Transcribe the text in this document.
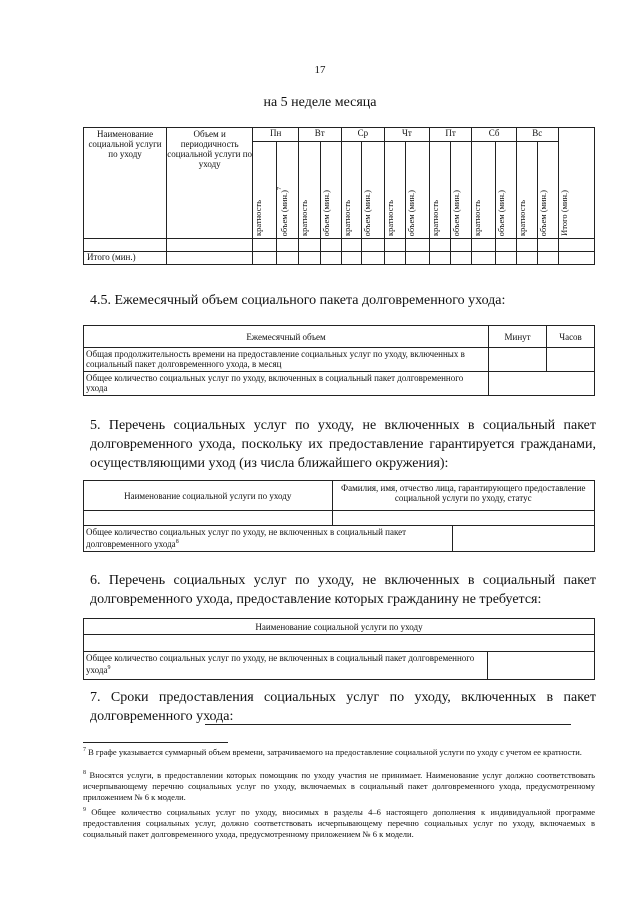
17
на 5 неделе месяца
Наименование социальной услуги по уходу	Объем и периодичность социальной услуги по уходу	Пн		Вт		Ср		Чт		Пт		Сб		Вс		Итого (мин.)

		кратность	объем $(мин.)^7$	кратность	объем (мин.)	кратность	объем (мин.)	кратность	объем (мин.)	кратность	объем (мин.)	кратность	объем (мин.)	кратность	объем (мин.)	

Итого (мин.)																
4.5. Ежемесячный объем социального пакета долговременного ухода:
Ежемесячный объем	Минут	Часов
Общая продолжительность времени на предоставление социальных услуг по уходу, включенных в социальный пакет долговременного ухода, в месяц		
Общее количество социальных услуг по уходу, включенных в социальный пакет долговременного ухода		
5. Перечень социальных услуг по уходу, не включенных в социальный пакет долговременного ухода, поскольку их предоставление гарантируется гражданами, осуществляющими уход (из числа ближайшего окружения):
Наименование социальной услуги по уходу	Фамилия, имя, отчество лица, гарантирующего предоставление социальной услуги по уходу, статус	

Общее количество социальных услуг по уходу, не включенных в социальный пакет долговременного ухода$^8$	
6. Перечень социальных услуг по уходу, не включенных в социальный пакет долговременного ухода, предоставление которых гражданину не требуется:
Наименование социальной услуги по уходу

Общее количество социальных услуг по уходу, не включенных в социальный пакет долговременного ухода$^9$	
7. Сроки предоставления социальных услуг по уходу, включенных в пакет долговременного ухода:
$^7$ В графе указывается суммарный объем времени, затрачиваемого на предоставление социальной услуги по уходу с учетом ее кратности.
$^8$ Вносятся услуги, в предоставлении которых помощник по уходу участия не принимает. Наименование услуг должно соответствовать исчерпывающему перечню социальных услуг по уходу, включаемых в социальный пакет долговременного ухода, предусмотренному приложением № 6 к модели.
$^9$ Общее количество социальных услуг по уходу, вносимых в разделы 4–6 настоящего дополнения к индивидуальной программе предоставления социальных услуг, должно соответствовать исчерпывающему перечню социальных услуг по уходу, включаемых в социальный пакет долговременного ухода, предусмотренному приложением № 6 к модели.
